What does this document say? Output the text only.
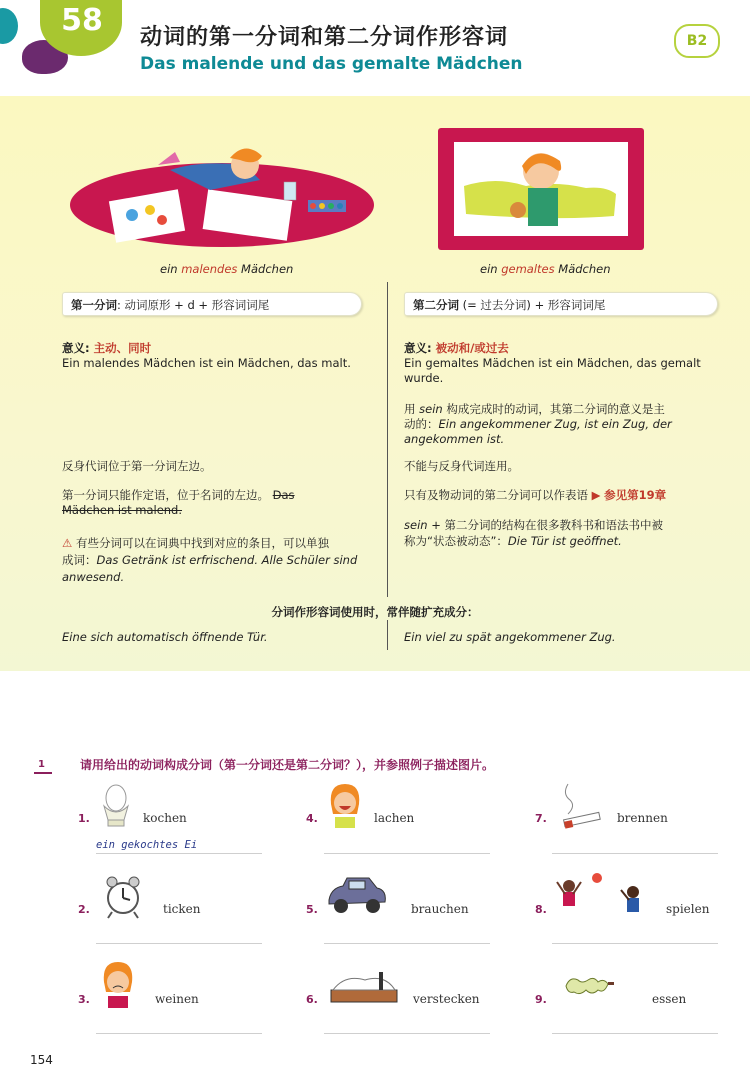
58	动词的第一分词和第二分词作形容词
Das malende und das gemalte Mädchen
B2
ein malendes Mädchen	ein gemaltes Mädchen
第一分词: 动词原形 + d + 形容词词尾	第二分词 (= 过去分词) + 形容词词尾
意义: 主动、同时
Ein malendes Mädchen ist ein Mädchen, das malt.
反身代词位于第一分词左边。
第一分词只能作定语，位于名词的左边。 Das
Mädchen ist malend.
⚠ 有些分词可以在词典中找到对应的条目，可以单独
成词：Das Getränk ist erfrischend. Alle Schüler sind
anwesend.
意义: 被动和/或过去
Ein gemaltes Mädchen ist ein Mädchen, das gemalt
wurde.
用 sein 构成完成时的动词，其第二分词的意义是主
动的：Ein angekommener Zug, ist ein Zug, der
angekommen ist.
不能与反身代词连用。
只有及物动词的第二分词可以作表语 ▶ 参见第19章
sein + 第二分词的结构在很多教科书和语法书中被
称为“状态被动态”：Die Tür ist geöffnet.
分词作形容词使用时，常伴随扩充成分：
Eine sich automatisch öffnende Tür.	Ein viel zu spät angekommener Zug.
1	请用给出的动词构成分词（第一分词还是第二分词？），并参照例子描述图片。
1.	kochen
ein gekochtes Ei
2.	ticken
3.	weinen
4.	lachen
5.	brauchen
6.	verstecken
7.	brennen
8.	spielen
9.	essen
154
